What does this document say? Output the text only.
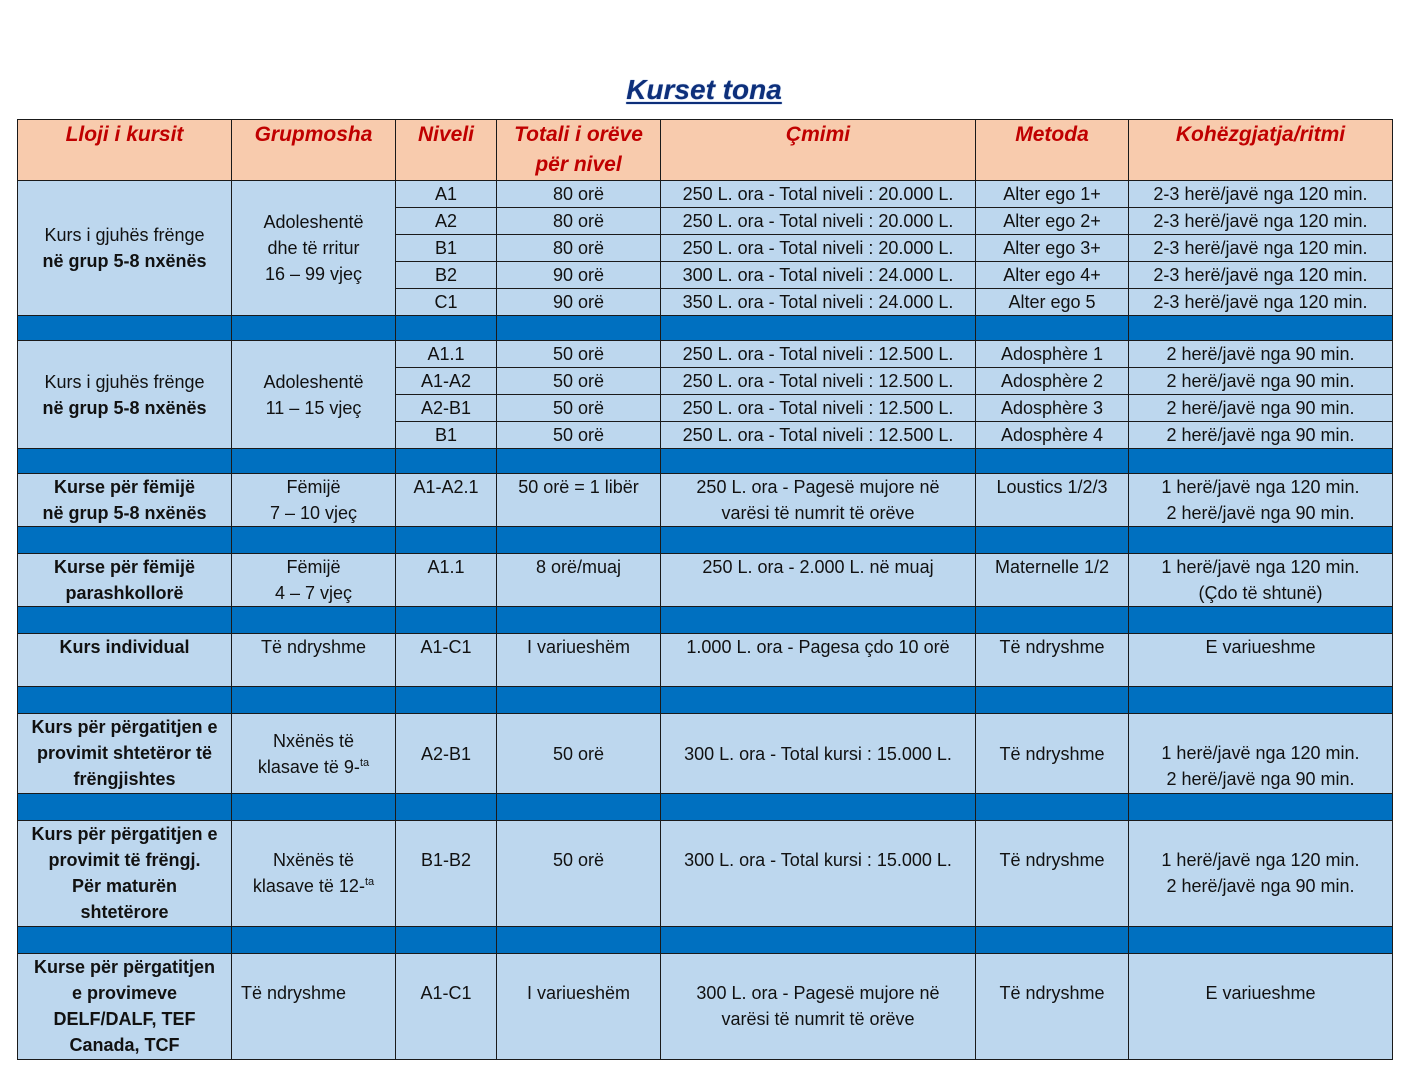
Kurset tona
Lloji i kursit	Grupmosha	Niveli	Totali i orëve
për nivel	Çmimi	Metoda	Kohëzgjatja/ritmi
Kurs i gjuhës frënge
në grup 5-8 nxënës	Adoleshentë
dhe të rritur
16 – 99 vjeç	A1	80 orë	250 L. ora - Total niveli : 20.000 L.	Alter ego 1+	2-3 herë/javë nga 120 min.
		A2	80 orë	250 L. ora - Total niveli : 20.000 L.	Alter ego 2+	2-3 herë/javë nga 120 min.
		B1	80 orë	250 L. ora - Total niveli : 20.000 L.	Alter ego 3+	2-3 herë/javë nga 120 min.
		B2	90 orë	300 L. ora - Total niveli : 24.000 L.	Alter ego 4+	2-3 herë/javë nga 120 min.
		C1	90 orë	350 L. ora - Total niveli : 24.000 L.	Alter ego 5	2-3 herë/javë nga 120 min.

Kurs i gjuhës frënge
në grup 5-8 nxënës	Adoleshentë
11 – 15 vjeç	A1.1	50 orë	250 L. ora - Total niveli : 12.500 L.	Adosphère 1	2 herë/javë nga 90 min.
		A1-A2	50 orë	250 L. ora - Total niveli : 12.500 L.	Adosphère 2	2 herë/javë nga 90 min.
		A2-B1	50 orë	250 L. ora - Total niveli : 12.500 L.	Adosphère 3	2 herë/javë nga 90 min.
		B1	50 orë	250 L. ora - Total niveli : 12.500 L.	Adosphère 4	2 herë/javë nga 90 min.

Kurse për fëmijë
në grup 5-8 nxënës	Fëmijë
7 – 10 vjeç	A1-A2.1	50 orë = 1 libër	250 L. ora - Pagesë mujore në
varësi të numrit të orëve	Loustics 1/2/3	1 herë/javë nga 120 min.
2 herë/javë nga 90 min.

Kurse për fëmijë
parashkollorë	Fëmijë
4 – 7 vjeç	A1.1	8 orë/muaj	250 L. ora - 2.000 L. në muaj	Maternelle 1/2	1 herë/javë nga 120 min.
(Çdo të shtunë)

Kurs individual	Të ndryshme	A1-C1	I variueshëm	1.000 L. ora - Pagesa çdo 10 orë	Të ndryshme	E variueshme

Kurs për përgatitjen e
provimit shtetëror të
frëngjishtes	Nxënës të
klasave të 9-$^{ta}$	A2-B1	50 orë	300 L. ora - Total kursi : 15.000 L.	Të ndryshme	1 herë/javë nga 120 min.
2 herë/javë nga 90 min.

Kurs për përgatitjen e
provimit të frëngj.
Për maturën
shtetërore	Nxënës të
klasave të 12-$^{ta}$	B1-B2	50 orë	300 L. ora - Total kursi : 15.000 L.	Të ndryshme	1 herë/javë nga 120 min.
2 herë/javë nga 90 min.

Kurse për përgatitjen
e provimeve
DELF/DALF, TEF
Canada, TCF	Të ndryshme	A1-C1	I variueshëm	300 L. ora - Pagesë mujore në
varësi të numrit të orëve	Të ndryshme	E variueshme
